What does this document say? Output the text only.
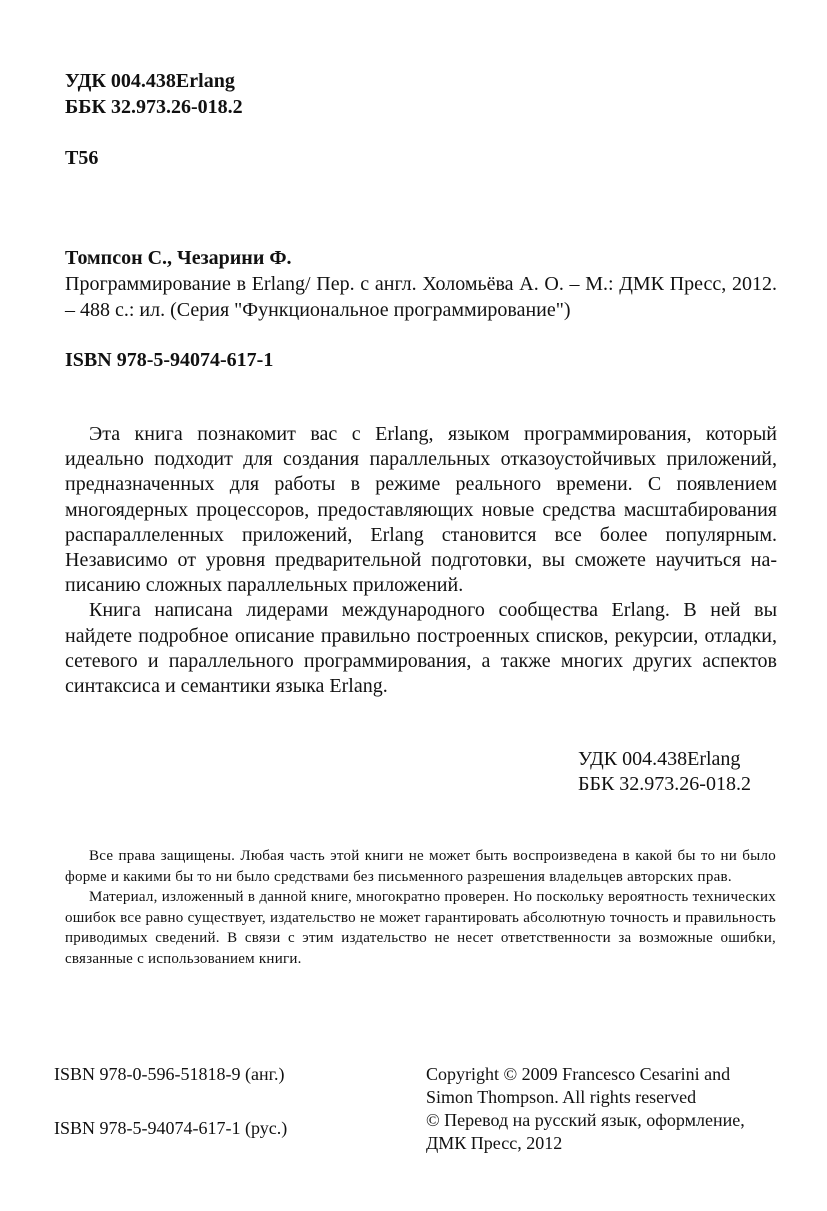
УДК 004.438Erlang
ББК 32.973.26-018.2
Т56
Томпсон С., Чезарини Ф.
Программирование в Erlang/ Пер. с англ. Холомьёва А. О. – М.: ДМК Пресс, 2012. – 488 с.: ил. (Серия "Функциональное программирование")
ISBN 978-5-94074-617-1

Эта книга познакомит вас с Erlang, языком программирования, который идеально подходит для создания параллельных отказоустойчивых приложений, предназначенных для работы в режиме реального времени. С появлением многоядерных процессоров, предоставляющих новые средства масштабирования распараллеленных приложений, Erlang становится все более популярным. Независимо от уровня предварительной подготовки, вы сможете научиться написанию сложных параллельных приложений.

Книга написана лидерами международного сообщества Erlang. В ней вы найдете подробное описание правильно построенных списков, рекурсии, отладки, сетевого и параллельного программирования, а также многих других аспектов синтаксиса и семантики языка Erlang.

УДК 004.438Erlang
ББК 32.973.26-018.2

Все права защищены. Любая часть этой книги не может быть воспроизведена в какой бы то ни было форме и какими бы то ни было средствами без письменного разрешения владельцев авторских прав.

Материал, изложенный в данной книге, многократно проверен. Но поскольку вероятность технических ошибок все равно существует, издательство не может гарантировать абсолютную точность и правильность приводимых сведений. В связи с этим издательство не несет ответственности за возможные ошибки, связанные с использованием книги.

ISBN 978-0-596-51818-9 (анг.)
ISBN 978-5-94074-617-1 (рус.)
Copyright © 2009 Francesco Cesarini and
Simon Thompson. All rights reserved
© Перевод на русский язык, оформление,
ДМК Пресс, 2012
